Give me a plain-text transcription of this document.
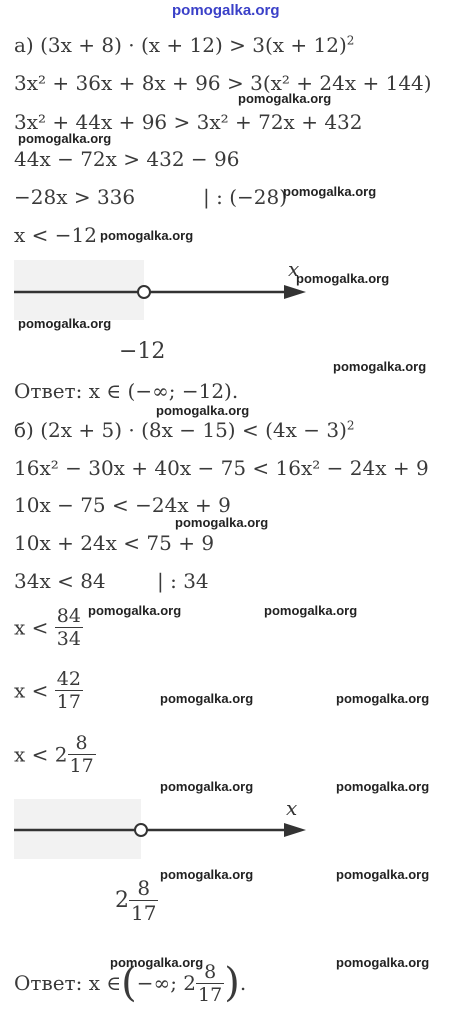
pomogalka.org
а) $(3x + 8) \cdot (x + 12) > 3(x + 12)^2$
3x² + 36x + 8x + 96 > 3(x² + 24x + 144)
3x² + 44x + 96 > 3x² + 72x + 432
44x − 72x > 432 − 96
−28x > 336	| : (−28)
x < −12
x
−12
Ответ: x ∈ (−∞; −12).
б) $(2x + 5) \cdot (8x - 15) < (4x - 3)^2$
16x² − 30x + 40x − 75 < 16x² − 24x + 9
10x − 75 < −24x + 9
10x + 24x < 75 + 9
34x < 84	| : 34
$x < \frac{84}{34}$
$x < \frac{42}{17}$
$x < 2 \frac{8}{17}$
x
$2 \frac{8}{17}$
Ответ: x ∈(−∞; $2 \frac{8}{17}$ ).
pomogalka.org
pomogalka.org
pomogalka.org
pomogalka.org
pomogalka.org
pomogalka.org
pomogalka.org
pomogalka.org
pomogalka.org
pomogalka.org	pomogalka.org
pomogalka.org	pomogalka.org
pomogalka.org	pomogalka.org
pomogalka.org	pomogalka.org
pomogalka.org	pomogalka.org
